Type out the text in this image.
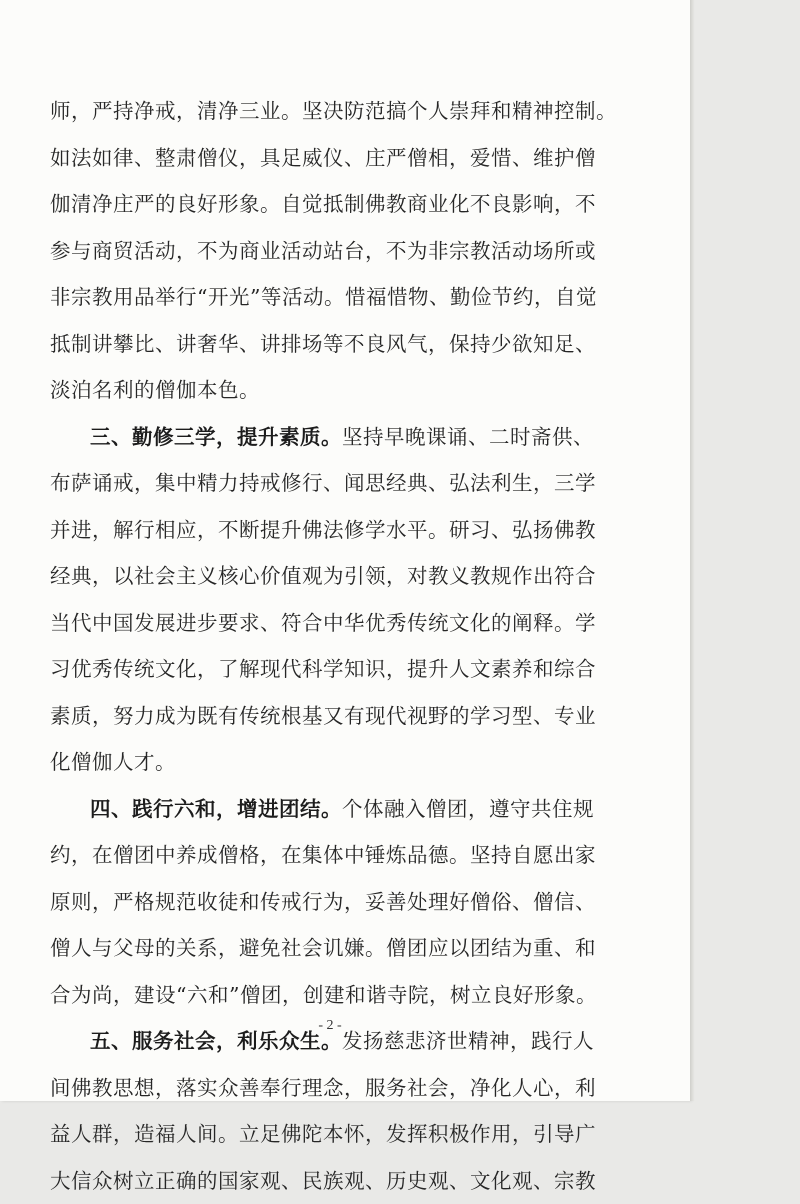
师，严持净戒，清净三业。坚决防范搞个人崇拜和精神控制。
如法如律、整肃僧仪，具足威仪、庄严僧相，爱惜、维护僧
伽清净庄严的良好形象。自觉抵制佛教商业化不良影响，不
参与商贸活动，不为商业活动站台，不为非宗教活动场所或
非宗教用品举行“开光”等活动。惜福惜物、勤俭节约，自觉
抵制讲攀比、讲奢华、讲排场等不良风气，保持少欲知足、
淡泊名利的僧伽本色。
三、勤修三学，提升素质。坚持早晚课诵、二时斋供、
布萨诵戒，集中精力持戒修行、闻思经典、弘法利生，三学
并进，解行相应，不断提升佛法修学水平。研习、弘扬佛教
经典，以社会主义核心价值观为引领，对教义教规作出符合
当代中国发展进步要求、符合中华优秀传统文化的阐释。学
习优秀传统文化，了解现代科学知识，提升人文素养和综合
素质，努力成为既有传统根基又有现代视野的学习型、专业
化僧伽人才。
四、践行六和，增进团结。个体融入僧团，遵守共住规
约，在僧团中养成僧格，在集体中锤炼品德。坚持自愿出家
原则，严格规范收徒和传戒行为，妥善处理好僧俗、僧信、
僧人与父母的关系，避免社会讥嫌。僧团应以团结为重、和
合为尚，建设“六和”僧团，创建和谐寺院，树立良好形象。
五、服务社会，利乐众生。发扬慈悲济世精神，践行人
间佛教思想，落实众善奉行理念，服务社会，净化人心，利
益人群，造福人间。立足佛陀本怀，发挥积极作用，引导广
大信众树立正确的国家观、民族观、历史观、文化观、宗教
- 2 -
